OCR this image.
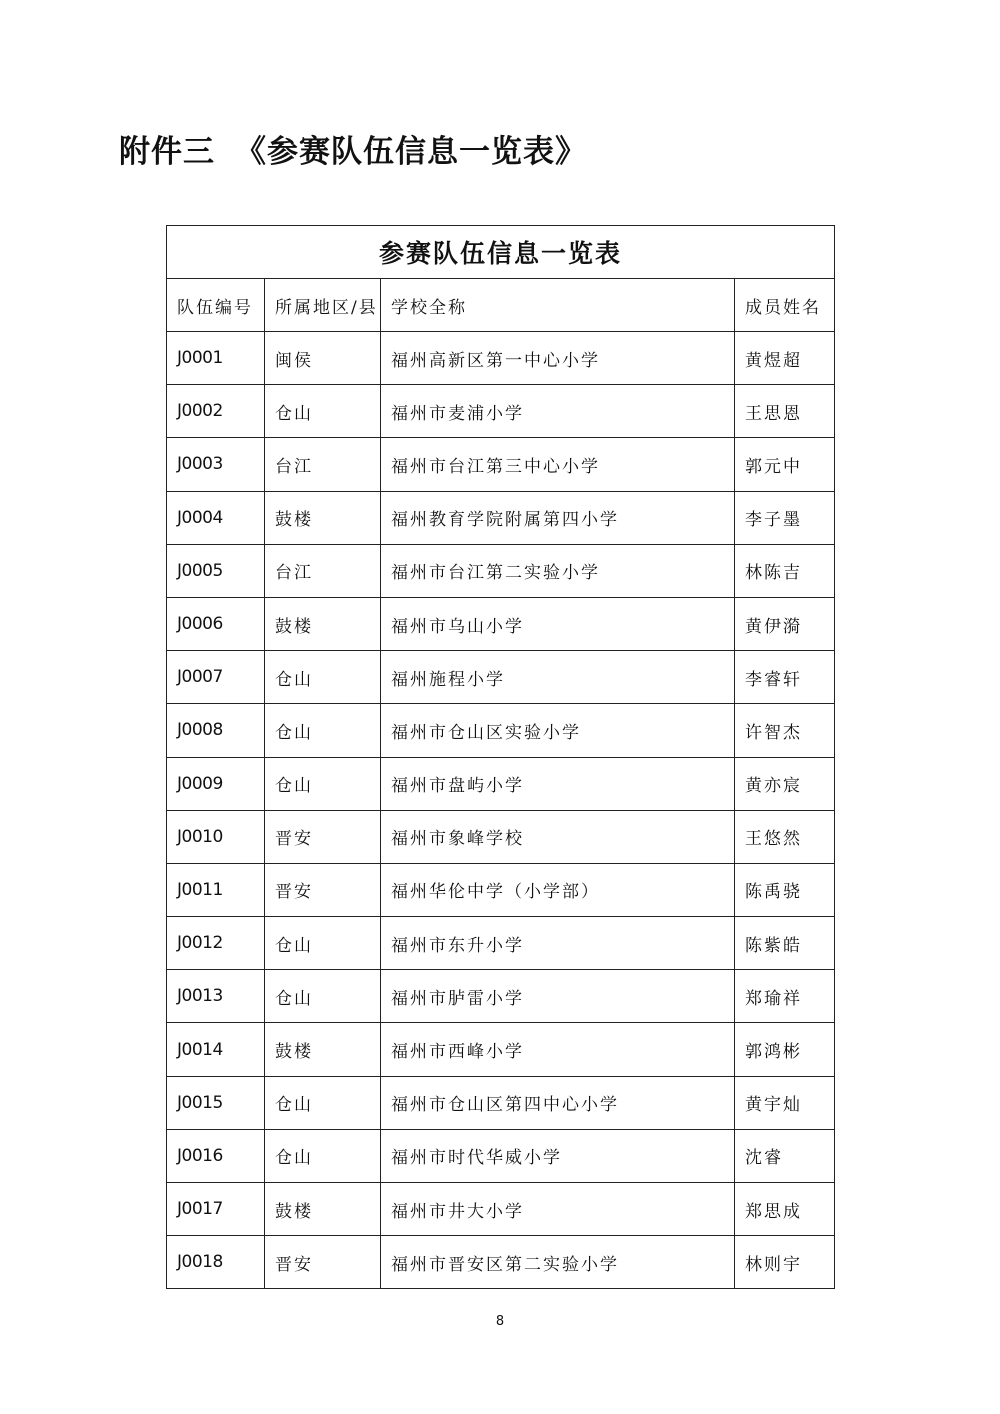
附件三 《参赛队伍信息一览表》
参赛队伍信息一览表			
队伍编号	所属地区/县	学校全称	成员姓名
J0001	闽侯	福州高新区第一中心小学	黄煜超
J0002	仓山	福州市麦浦小学	王思恩
J0003	台江	福州市台江第三中心小学	郭元中
J0004	鼓楼	福州教育学院附属第四小学	李子墨
J0005	台江	福州市台江第二实验小学	林陈吉
J0006	鼓楼	福州市乌山小学	黄伊漪
J0007	仓山	福州施程小学	李睿轩
J0008	仓山	福州市仓山区实验小学	许智杰
J0009	仓山	福州市盘屿小学	黄亦宸
J0010	晋安	福州市象峰学校	王悠然
J0011	晋安	福州华伦中学（小学部）	陈禹骁
J0012	仓山	福州市东升小学	陈紫皓
J0013	仓山	福州市胪雷小学	郑瑜祥
J0014	鼓楼	福州市西峰小学	郭鸿彬
J0015	仓山	福州市仓山区第四中心小学	黄宇灿
J0016	仓山	福州市时代华威小学	沈睿
J0017	鼓楼	福州市井大小学	郑思成
J0018	晋安	福州市晋安区第二实验小学	林则宇
8
